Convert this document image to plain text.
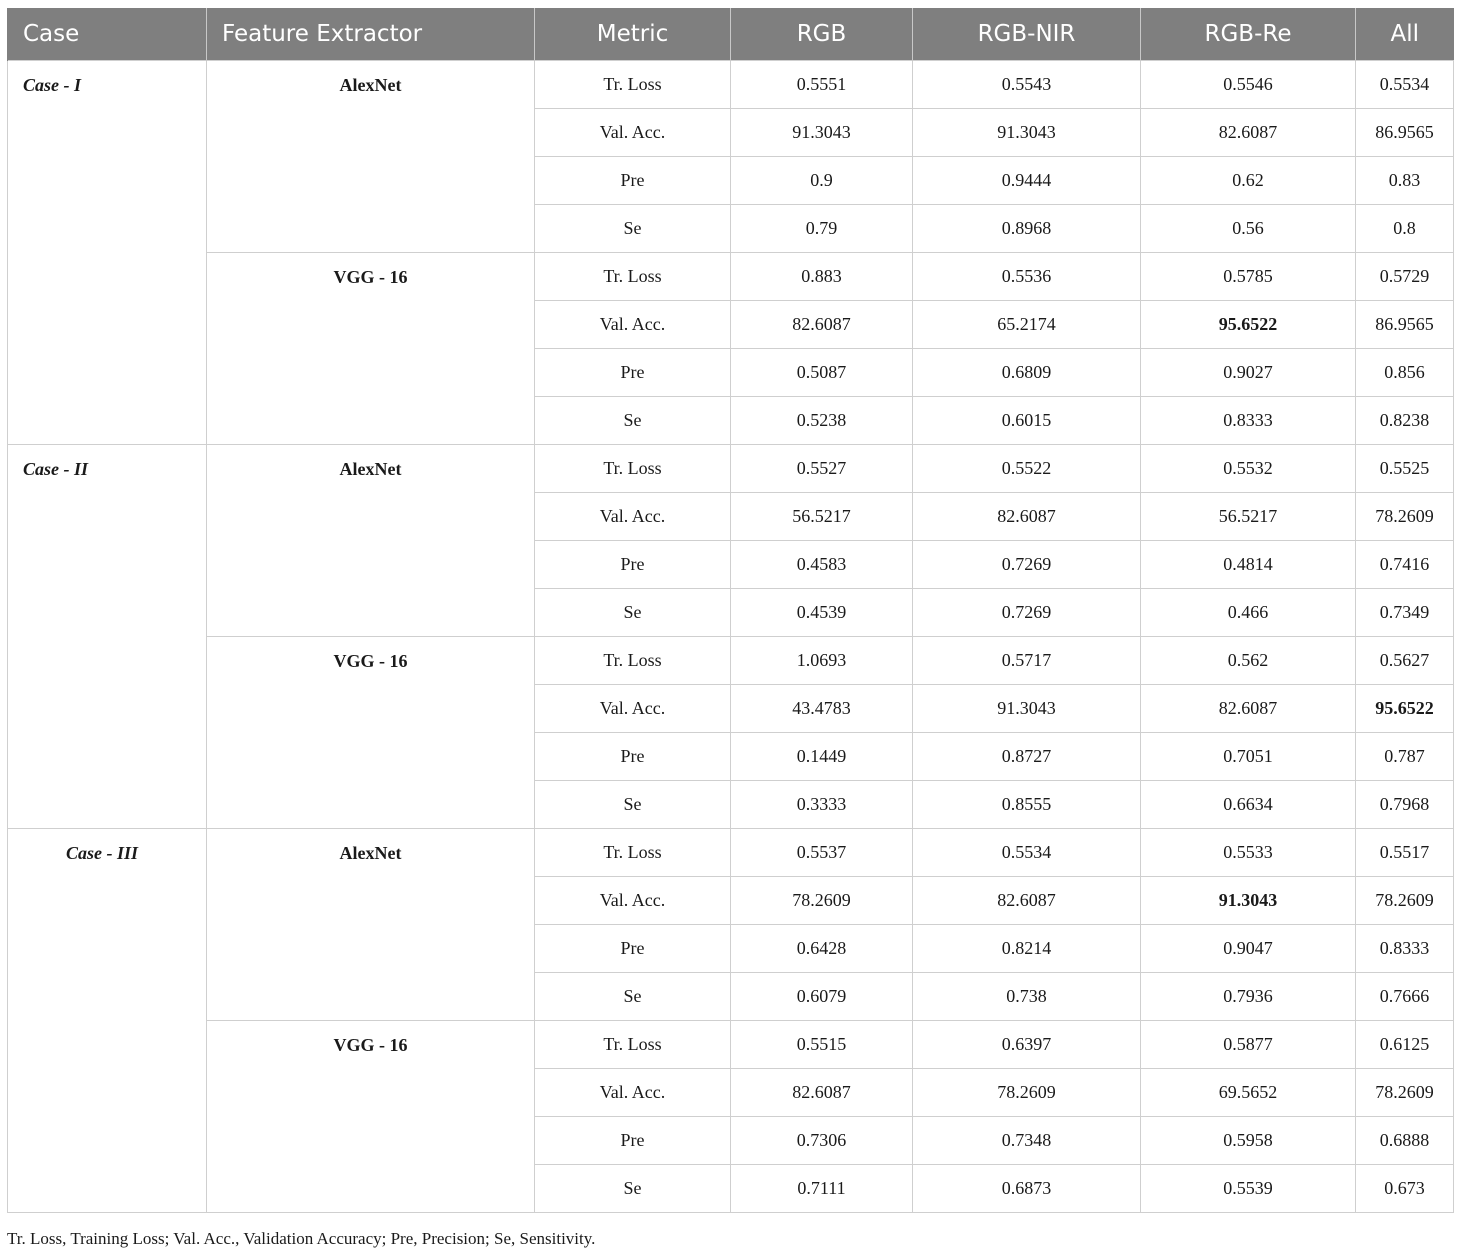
Case	Feature Extractor	Metric	RGB	RGB-NIR	RGB-Re	All
Case - I	AlexNet	Tr. Loss	0.5551	0.5543	0.5546	0.5534
		Val. Acc.	91.3043	91.3043	82.6087	86.9565
		Pre	0.9	0.9444	0.62	0.83
		Se	0.79	0.8968	0.56	0.8
	VGG - 16	Tr. Loss	0.883	0.5536	0.5785	0.5729
		Val. Acc.	82.6087	65.2174	95.6522	86.9565
		Pre	0.5087	0.6809	0.9027	0.856
		Se	0.5238	0.6015	0.8333	0.8238
Case - II	AlexNet	Tr. Loss	0.5527	0.5522	0.5532	0.5525
		Val. Acc.	56.5217	82.6087	56.5217	78.2609
		Pre	0.4583	0.7269	0.4814	0.7416
		Se	0.4539	0.7269	0.466	0.7349
	VGG - 16	Tr. Loss	1.0693	0.5717	0.562	0.5627
		Val. Acc.	43.4783	91.3043	82.6087	95.6522
		Pre	0.1449	0.8727	0.7051	0.787
		Se	0.3333	0.8555	0.6634	0.7968
Case - III	AlexNet	Tr. Loss	0.5537	0.5534	0.5533	0.5517
		Val. Acc.	78.2609	82.6087	91.3043	78.2609
		Pre	0.6428	0.8214	0.9047	0.8333
		Se	0.6079	0.738	0.7936	0.7666
	VGG - 16	Tr. Loss	0.5515	0.6397	0.5877	0.6125
		Val. Acc.	82.6087	78.2609	69.5652	78.2609
		Pre	0.7306	0.7348	0.5958	0.6888
		Se	0.7111	0.6873	0.5539	0.673

Tr. Loss, Training Loss; Val. Acc., Validation Accuracy; Pre, Precision; Se, Sensitivity.
